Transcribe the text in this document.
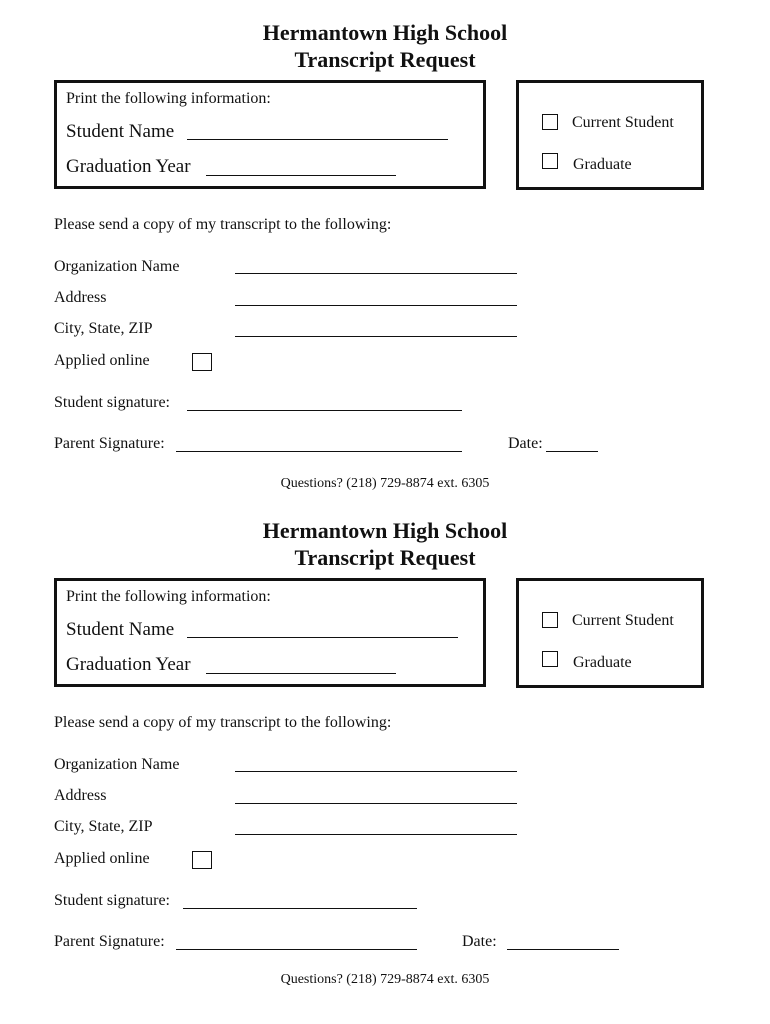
Hermantown High School
Transcript Request
Print the following information:
Student Name
Graduation Year
Current Student
Graduate
Please send a copy of my transcript to the following:
Organization Name
Address
City, State, ZIP
Applied online
Student signature:
Parent Signature:	Date:
Questions? (218) 729-8874 ext. 6305
Hermantown High School
Transcript Request
Print the following information:
Student Name
Graduation Year
Current Student
Graduate
Please send a copy of my transcript to the following:
Organization Name
Address
City, State, ZIP
Applied online
Student signature:
Parent Signature:	Date:
Questions? (218) 729-8874 ext. 6305
